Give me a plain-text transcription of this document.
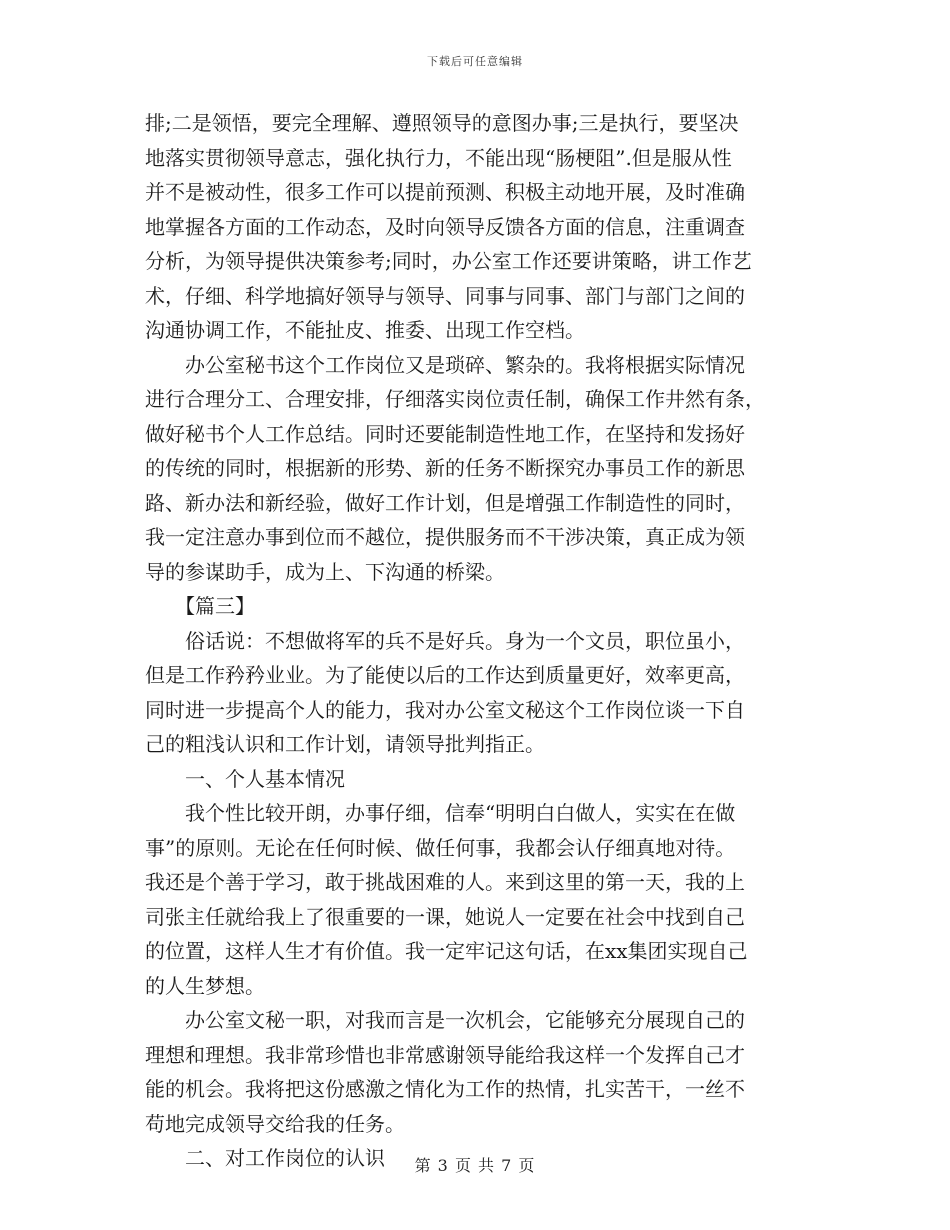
下载后可任意编辑

排;二是领悟，要完全理解、遵照领导的意图办事;三是执行，要坚决

地落实贯彻领导意志，强化执行力，不能出现“肠梗阻”.但是服从性

并不是被动性，很多工作可以提前预测、积极主动地开展，及时准确

地掌握各方面的工作动态，及时向领导反馈各方面的信息，注重调查

分析，为领导提供决策参考;同时，办公室工作还要讲策略，讲工作艺

术，仔细、科学地搞好领导与领导、同事与同事、部门与部门之间的

沟通协调工作，不能扯皮、推委、出现工作空档。

　　办公室秘书这个工作岗位又是琐碎、繁杂的。我将根据实际情况

进行合理分工、合理安排，仔细落实岗位责任制，确保工作井然有条，

做好秘书个人工作总结。同时还要能制造性地工作，在坚持和发扬好

的传统的同时，根据新的形势、新的任务不断探究办事员工作的新思

路、新办法和新经验，做好工作计划，但是增强工作制造性的同时，

我一定注意办事到位而不越位，提供服务而不干涉决策，真正成为领

导的参谋助手，成为上、下沟通的桥梁。

　　【篇三】

　　俗话说：不想做将军的兵不是好兵。身为一个文员，职位虽小，

但是工作矜矜业业。为了能使以后的工作达到质量更好，效率更高，

同时进一步提高个人的能力，我对办公室文秘这个工作岗位谈一下自

己的粗浅认识和工作计划，请领导批判指正。

　　一、个人基本情况

　　我个性比较开朗，办事仔细，信奉“明明白白做人，实实在在做

事”的原则。无论在任何时候、做任何事，我都会认仔细真地对待。

我还是个善于学习，敢于挑战困难的人。来到这里的第一天，我的上

司张主任就给我上了很重要的一课，她说人一定要在社会中找到自己

的位置，这样人生才有价值。我一定牢记这句话，在xx集团实现自己

的人生梦想。

　　办公室文秘一职，对我而言是一次机会，它能够充分展现自己的

理想和理想。我非常珍惜也非常感谢领导能给我这样一个发挥自己才

能的机会。我将把这份感激之情化为工作的热情，扎实苦干，一丝不

苟地完成领导交给我的任务。

　　二、对工作岗位的认识	第 3 页 共 7 页
